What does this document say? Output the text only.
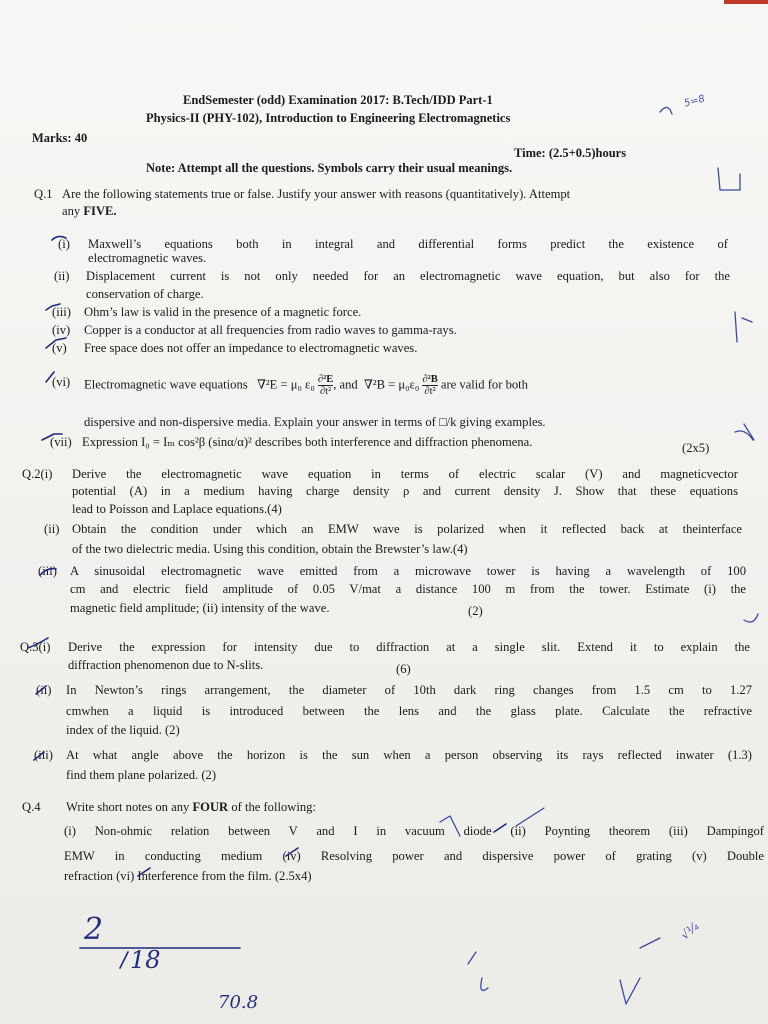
EndSemester (odd) Examination 2017: B.Tech/IDD Part-1
Physics-II (PHY-102), Introduction to Engineering Electromagnetics
Marks: 40
Time: (2.5+0.5)hours
Note: Attempt all the questions. Symbols carry their usual meanings.
Q.1 Are the following statements true or false. Justify your answer with reasons (quantitatively). Attempt
any FIVE.
(i) Maxwell’s equations both in integral and differential forms predict the existence of
electromagnetic waves.
(ii) Displacement current is not only needed for an electromagnetic wave equation, but also for the
conservation of charge.
(iii) Ohm’s law is valid in the presence of a magnetic force.
(iv) Copper is a conductor at all frequencies from radio waves to gamma-rays.
(v) Free space does not offer an impedance to electromagnetic waves.
(vi) Electromagnetic wave equations ∇²E = μ₀ $\varepsilon_0 \frac{\text{∂²E}}{\text{∂t²}}$ , and $\nabla^2B = \mu_0\varepsilon_0 \frac{\text{∂²B}}{\text{∂t²}}$ are valid for both
dispersive and non-dispersive media. Explain your answer in terms of □/k giving examples.
(vii) Expression I₀ = Iₘ cos²β (sinα/α)² describes both interference and diffraction phenomena.	(2x5)
Q.2(i) Derive the electromagnetic wave equation in terms of electric scalar (V) and magneticvector
potential (A) in a medium having charge density ρ and current density J. Show that these equations
lead to Poisson and Laplace equations.(4)
(ii) Obtain the condition under which an EMW wave is polarized when it reflected back at theinterface
of the two dielectric media. Using this condition, obtain the Brewster’s law.(4)
(iii) A sinusoidal electromagnetic wave emitted from a microwave tower is having a wavelength of 100
cm and electric field amplitude of 0.05 V/mat a distance 100 m from the tower. Estimate (i) the
magnetic field amplitude; (ii) intensity of the wave.	(2)
Q.3(i) Derive the expression for intensity due to diffraction at a single slit. Extend it to explain the
diffraction phenomenon due to N-slits.	(6)
(ii) In Newton’s rings arrangement, the diameter of 10th dark ring changes from 1.5 cm to 1.27
cmwhen a liquid is introduced between the lens and the glass plate. Calculate the refractive
index of the liquid. (2)
(iii) At what angle above the horizon is the sun when a person observing its rays reflected inwater (1.3)
find them plane polarized. (2)
Q.4 Write short notes on any FOUR of the following:
(i) Non-ohmic relation between V and I in vacuum diode (ii) Poynting theorem (iii) Dampingof
EMW in conducting medium (iv) Resolving power and dispersive power of grating (v) Double
refraction (vi) Interference from the film. (2.5x4)
2
18
70.8
5=8
√¼
